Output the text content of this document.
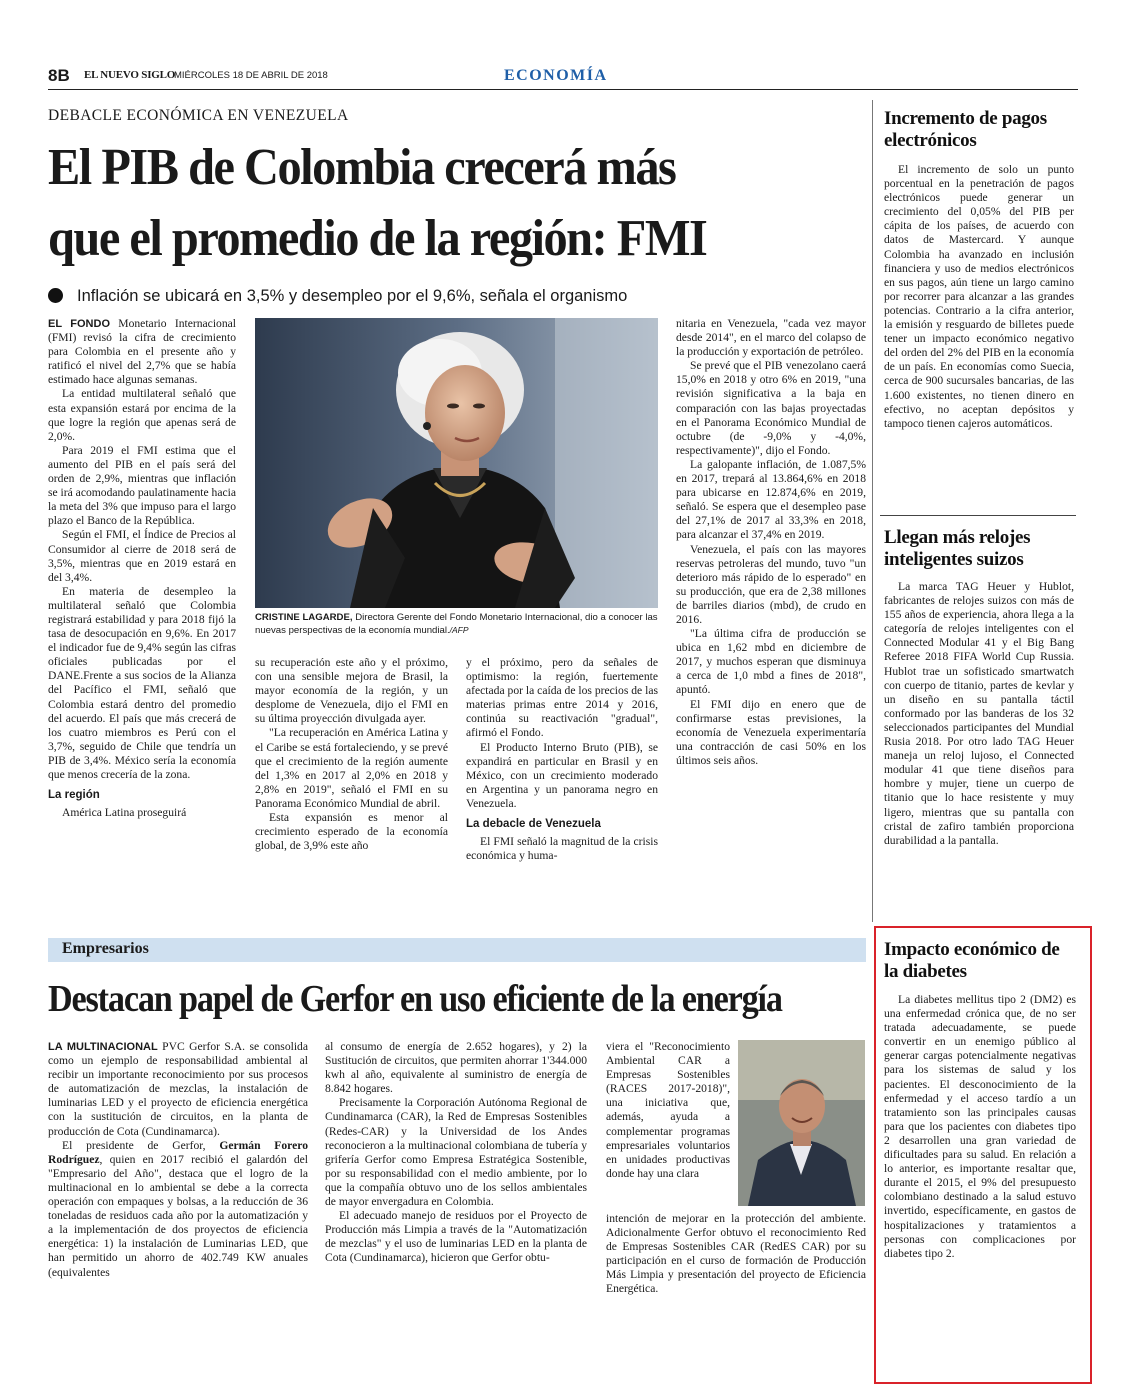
8B EL NUEVO SIGLO
MIÉRCOLES 18 DE ABRIL DE 2018	ECONOMÍA
DEBACLE ECONÓMICA EN VENEZUELA
El PIB de Colombia crecerá más
que el promedio de la región: FMI
Inflación se ubicará en 3,5% y desempleo por el 9,6%, señala el organismo

EL FONDO Monetario Internacional (FMI) revisó la cifra de crecimiento para Colombia en el presente año y ratificó el nivel del 2,7% que se había estimado hace algunas semanas.

La entidad multilateral señaló que esta expansión estará por encima de la que logre la región que apenas será de 2,0%.

Para 2019 el FMI estima que el aumento del PIB en el país será del orden de 2,9%, mientras que inflación se irá acomodando paulatinamente hacia la meta del 3% que impuso para el largo plazo el Banco de la República.

Según el FMI, el Índice de Precios al Consumidor al cierre de 2018 será de 3,5%, mientras que en 2019 estará en del 3,4%.

En materia de desempleo la multilateral señaló que Colombia registrará estabilidad y para 2018 fijó la tasa de desocupación en 9,6%. En 2017 el indicador fue de 9,4% según las cifras oficiales publicadas por el DANE.Frente a sus socios de la Alianza del Pacífico el FMI, señaló que Colombia estará dentro del promedio del acuerdo. El país que más crecerá de los cuatro miembros es Perú con el 3,7%, seguido de Chile que tendría un PIB de 3,4%. México sería la economía que menos crecería de la zona.

La región

América Latina proseguirá

CRISTINE LAGARDE, Directora Gerente del Fondo Monetario Internacional, dio a conocer las nuevas perspectivas de la economía mundial./AFP

su recuperación este año y el próximo, con una sensible mejora de Brasil, la mayor economía de la región, y un desplome de Venezuela, dijo el FMI en su última proyección divulgada ayer.

"La recuperación en América Latina y el Caribe se está fortaleciendo, y se prevé que el crecimiento de la región aumente del 1,3% en 2017 al 2,0% en 2018 y 2,8% en 2019", señaló el FMI en su Panorama Económico Mundial de abril.

Esta expansión es menor al crecimiento esperado de la economía global, de 3,9% este año

y el próximo, pero da señales de optimismo: la región, fuertemente afectada por la caída de los precios de las materias primas entre 2014 y 2016, continúa su reactivación "gradual", afirmó el Fondo.

El Producto Interno Bruto (PIB), se expandirá en particular en Brasil y en México, con un crecimiento moderado en Argentina y un panorama negro en Venezuela.

La debacle de Venezuela

El FMI señaló la magnitud de la crisis económica y huma-

nitaria en Venezuela, "cada vez mayor desde 2014", en el marco del colapso de la producción y exportación de petróleo.

Se prevé que el PIB venezolano caerá 15,0% en 2018 y otro 6% en 2019, "una revisión significativa a la baja en comparación con las bajas proyectadas en el Panorama Económico Mundial de octubre (de -9,0% y -4,0%, respectivamente)", dijo el Fondo.

La galopante inflación, de 1.087,5% en 2017, trepará al 13.864,6% en 2018 para ubicarse en 12.874,6% en 2019, señaló. Se espera que el desempleo pase del 27,1% de 2017 al 33,3% en 2018, para alcanzar el 37,4% en 2019.

Venezuela, el país con las mayores reservas petroleras del mundo, tuvo "un deterioro más rápido de lo esperado" en su producción, que era de 2,38 millones de barriles diarios (mbd), de crudo en 2016.

"La última cifra de producción se ubica en 1,62 mbd en diciembre de 2017, y muchos esperan que disminuya a cerca de 1,0 mbd a fines de 2018", apuntó.

El FMI dijo en enero que de confirmarse estas previsiones, la economía de Venezuela experimentaría una contracción de casi 50% en los últimos seis años.

Incremento de pagos electrónicos

El incremento de solo un punto porcentual en la penetración de pagos electrónicos puede generar un crecimiento del 0,05% del PIB per cápita de los países, de acuerdo con datos de Mastercard. Y aunque Colombia ha avanzado en inclusión financiera y uso de medios electrónicos en sus pagos, aún tiene un largo camino por recorrer para alcanzar a las grandes potencias. Contrario a la cifra anterior, la emisión y resguardo de billetes puede tener un impacto económico negativo del orden del 2% del PIB en la economía de un país. En economías como Suecia, cerca de 900 sucursales bancarias, de las 1.600 existentes, no tienen dinero en efectivo, no aceptan depósitos y tampoco tienen cajeros automáticos.

Llegan más relojes inteligentes suizos

La marca TAG Heuer y Hublot, fabricantes de relojes suizos con más de 155 años de experiencia, ahora llega a la categoría de relojes inteligentes con el Connected Modular 41 y el Big Bang Referee 2018 FIFA World Cup Russia. Hublot trae un sofisticado smartwatch con cuerpo de titanio, partes de kevlar y un diseño en su pantalla táctil conformado por las banderas de los 32 seleccionados participantes del Mundial Rusia 2018. Por otro lado TAG Heuer maneja un reloj lujoso, el Connected modular 41 que tiene diseños para hombre y mujer, tiene un cuerpo de titanio que lo hace resistente y muy ligero, mientras que su pantalla con cristal de zafiro también proporciona durabilidad a la pantalla.

Impacto económico de la diabetes

La diabetes mellitus tipo 2 (DM2) es una enfermedad crónica que, de no ser tratada adecuadamente, se puede convertir en un enemigo público al generar cargas potencialmente negativas para los sistemas de salud y los pacientes. El desconocimiento de la enfermedad y el acceso tardío a un tratamiento son las principales causas para que los pacientes con diabetes tipo 2 desarrollen una gran variedad de dificultades para su salud. En relación a lo anterior, es importante resaltar que, durante el 2015, el 9% del presupuesto colombiano destinado a la salud estuvo invertido, específicamente, en gastos de hospitalizaciones y tratamientos a personas con complicaciones por diabetes tipo 2.

Empresarios
Destacan papel de Gerfor en uso eficiente de la energía

LA MULTINACIONAL PVC Gerfor S.A. se consolida como un ejemplo de responsabilidad ambiental al recibir un importante reconocimiento por sus procesos de automatización de mezclas, la instalación de luminarias LED y el proyecto de eficiencia energética con la sustitución de circuitos, en la planta de producción de Cota (Cundinamarca).

El presidente de Gerfor, Germán Forero Rodríguez, quien en 2017 recibió el galardón del "Empresario del Año", destaca que el logro de la multinacional en lo ambiental se debe a la correcta operación con empaques y bolsas, a la reducción de 36 toneladas de residuos cada año por la automatización y a la implementación de dos proyectos de eficiencia energética: 1) la instalación de Luminarias LED, que han permitido un ahorro de 402.749 KW anuales (equivalentes

al consumo de energía de 2.652 hogares), y 2) la Sustitución de circuitos, que permiten ahorrar 1'344.000 kwh al año, equivalente al suministro de energía de 8.842 hogares.

Precisamente la Corporación Autónoma Regional de Cundinamarca (CAR), la Red de Empresas Sostenibles (Redes-CAR) y la Universidad de los Andes reconocieron a la multinacional colombiana de tubería y grifería Gerfor como Empresa Estratégica Sostenible, por su responsabilidad con el medio ambiente, por lo que la compañía obtuvo uno de los sellos ambientales de mayor envergadura en Colombia.

El adecuado manejo de residuos por el Proyecto de Producción más Limpia a través de la "Automatización de mezclas" y el uso de luminarias LED en la planta de Cota (Cundinamarca), hicieron que Gerfor obtu-

viera el "Reconocimiento Ambiental CAR a Empresas Sostenibles (RACES 2017-2018)", una iniciativa que, además, ayuda a complementar programas empresariales voluntarios en unidades productivas donde hay una clara

intención de mejorar en la protección del ambiente. Adicionalmente Gerfor obtuvo el reconocimiento Red de Empresas Sostenibles CAR (RedES CAR) por su participación en el curso de formación de Producción Más Limpia y presentación del proyecto de Eficiencia Energética.
